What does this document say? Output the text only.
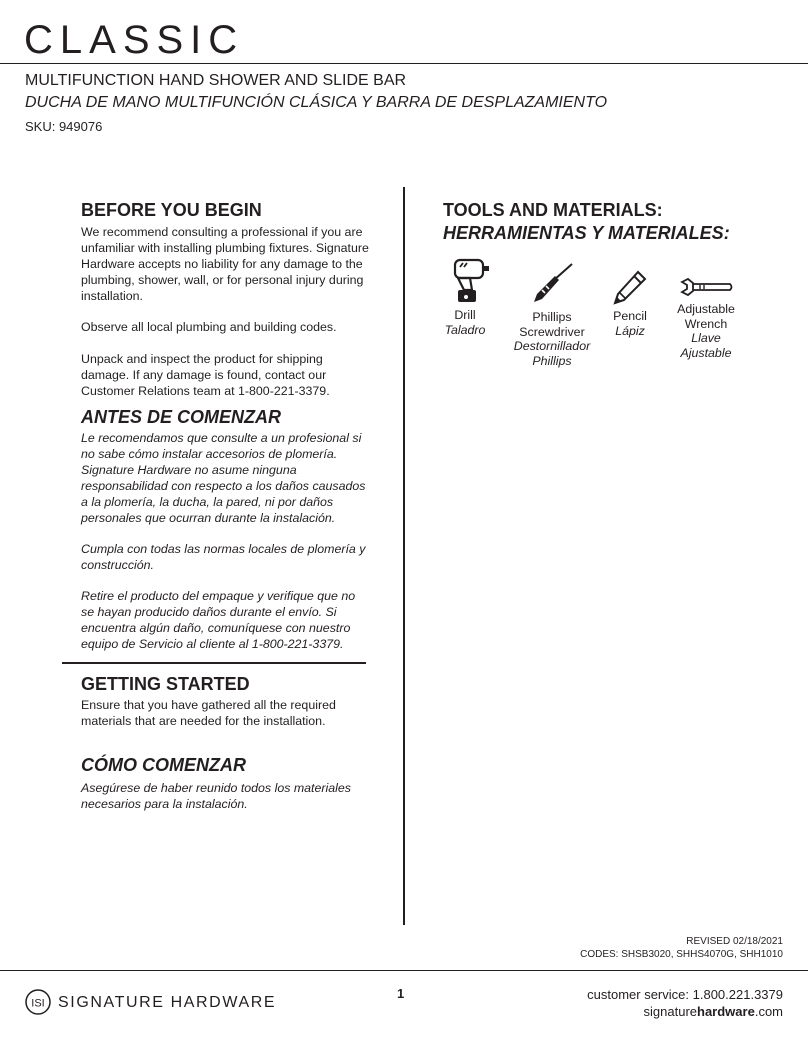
CLASSIC
MULTIFUNCTION HAND SHOWER AND SLIDE BAR
DUCHA DE MANO MULTIFUNCIÓN CLÁSICA Y BARRA DE DESPLAZAMIENTO
SKU: 949076
BEFORE YOU BEGIN

We recommend consulting a professional if you are unfamiliar with installing plumbing fixtures. Signature Hardware accepts no liability for any damage to the plumbing, shower, wall, or for personal injury during installation.

Observe all local plumbing and building codes.

Unpack and inspect the product for shipping damage. If any damage is found, contact our Customer Relations team at 1-800-221-3379.

ANTES DE COMENZAR

Le recomendamos que consulte a un profesional si no sabe cómo instalar accesorios de plomería. Signature Hardware no asume ninguna responsabilidad con respecto a los daños causados a la plomería, la ducha, la pared, ni por daños personales que ocurran durante la instalación.

Cumpla con todas las normas locales de plomería y construcción.

Retire el producto del empaque y verifique que no se hayan producido daños durante el envío. Si encuentra algún daño, comuníquese con nuestro equipo de Servicio al cliente al 1-800-221-3379.

GETTING STARTED

Ensure that you have gathered all the required materials that are needed for the installation.

CÓMO COMENZAR

Asegúrese de haber reunido todos los materiales necesarios para la instalación.

TOOLS AND MATERIALS:
HERRAMIENTAS Y MATERIALES:
Drill
Taladro
Phillips Screwdriver
Destornillador Phillips
Pencil
Lápiz
Adjustable Wrench
Llave Ajustable
REVISED 02/18/2021
CODES: SHSB3020, SHHS4070G, SHH1010
ISI SIGNATURE HARDWARE
1	customer service: 1.800.221.3379
signaturehardware.com
